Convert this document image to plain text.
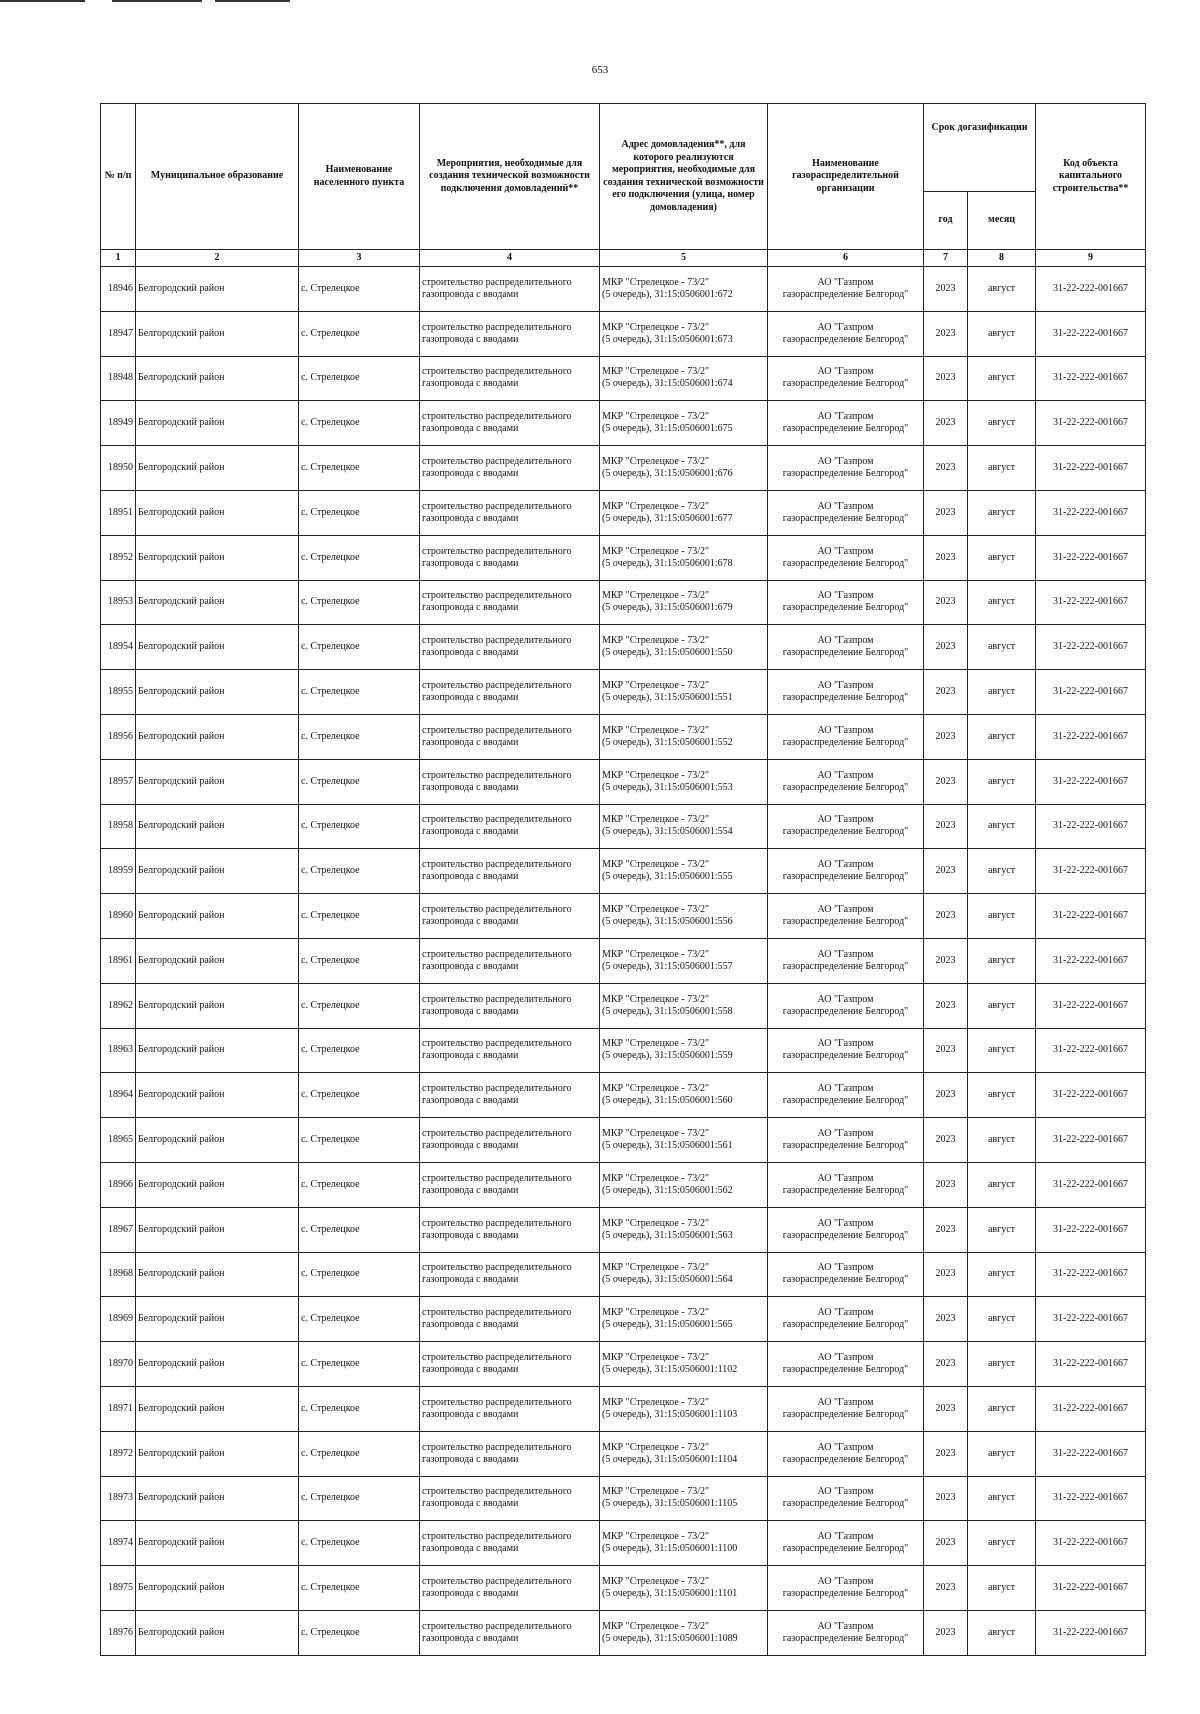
653
№ п/п	Муниципальное образование	Наименование населенного пункта	Мероприятия, необходимые для создания технической возможности подключения домовладений**	Адрес домовладения**, для которого реализуются мероприятия, необходимые для создания технической возможности его подключения (улица, номер домовладения)	Наименование газораспределительной организации	Срок догазификации		Код объекта капитального строительства**
						год	месяц	
1	2	3	4	5	6	7	8	9
18946	Белгородский район	с. Стрелецкое	строительство распределительного
газопровода с вводами	МКР "Стрелецкое - 73/2"
(5 очередь), 31:15:0506001:672	АО "Газпром
газораспределение Белгород"	2023	август	31-22-222-001667
18947	Белгородский район	с. Стрелецкое	строительство распределительного
газопровода с вводами	МКР "Стрелецкое - 73/2"
(5 очередь), 31:15:0506001:673	АО "Газпром
газораспределение Белгород"	2023	август	31-22-222-001667
18948	Белгородский район	с. Стрелецкое	строительство распределительного
газопровода с вводами	МКР "Стрелецкое - 73/2"
(5 очередь), 31:15:0506001:674	АО "Газпром
газораспределение Белгород"	2023	август	31-22-222-001667
18949	Белгородский район	с. Стрелецкое	строительство распределительного
газопровода с вводами	МКР "Стрелецкое - 73/2"
(5 очередь), 31:15:0506001:675	АО "Газпром
газораспределение Белгород"	2023	август	31-22-222-001667
18950	Белгородский район	с. Стрелецкое	строительство распределительного
газопровода с вводами	МКР "Стрелецкое - 73/2"
(5 очередь), 31:15:0506001:676	АО "Газпром
газораспределение Белгород"	2023	август	31-22-222-001667
18951	Белгородский район	с. Стрелецкое	строительство распределительного
газопровода с вводами	МКР "Стрелецкое - 73/2"
(5 очередь), 31:15:0506001:677	АО "Газпром
газораспределение Белгород"	2023	август	31-22-222-001667
18952	Белгородский район	с. Стрелецкое	строительство распределительного
газопровода с вводами	МКР "Стрелецкое - 73/2"
(5 очередь), 31:15:0506001:678	АО "Газпром
газораспределение Белгород"	2023	август	31-22-222-001667
18953	Белгородский район	с. Стрелецкое	строительство распределительного
газопровода с вводами	МКР "Стрелецкое - 73/2"
(5 очередь), 31:15:0506001:679	АО "Газпром
газораспределение Белгород"	2023	август	31-22-222-001667
18954	Белгородский район	с. Стрелецкое	строительство распределительного
газопровода с вводами	МКР "Стрелецкое - 73/2"
(5 очередь), 31:15:0506001:550	АО "Газпром
газораспределение Белгород"	2023	август	31-22-222-001667
18955	Белгородский район	с. Стрелецкое	строительство распределительного
газопровода с вводами	МКР "Стрелецкое - 73/2"
(5 очередь), 31:15:0506001:551	АО "Газпром
газораспределение Белгород"	2023	август	31-22-222-001667
18956	Белгородский район	с. Стрелецкое	строительство распределительного
газопровода с вводами	МКР "Стрелецкое - 73/2"
(5 очередь), 31:15:0506001:552	АО "Газпром
газораспределение Белгород"	2023	август	31-22-222-001667
18957	Белгородский район	с. Стрелецкое	строительство распределительного
газопровода с вводами	МКР "Стрелецкое - 73/2"
(5 очередь), 31:15:0506001:553	АО "Газпром
газораспределение Белгород"	2023	август	31-22-222-001667
18958	Белгородский район	с. Стрелецкое	строительство распределительного
газопровода с вводами	МКР "Стрелецкое - 73/2"
(5 очередь), 31:15:0506001:554	АО "Газпром
газораспределение Белгород"	2023	август	31-22-222-001667
18959	Белгородский район	с. Стрелецкое	строительство распределительного
газопровода с вводами	МКР "Стрелецкое - 73/2"
(5 очередь), 31:15:0506001:555	АО "Газпром
газораспределение Белгород"	2023	август	31-22-222-001667
18960	Белгородский район	с. Стрелецкое	строительство распределительного
газопровода с вводами	МКР "Стрелецкое - 73/2"
(5 очередь), 31:15:0506001:556	АО "Газпром
газораспределение Белгород"	2023	август	31-22-222-001667
18961	Белгородский район	с. Стрелецкое	строительство распределительного
газопровода с вводами	МКР "Стрелецкое - 73/2"
(5 очередь), 31:15:0506001:557	АО "Газпром
газораспределение Белгород"	2023	август	31-22-222-001667
18962	Белгородский район	с. Стрелецкое	строительство распределительного
газопровода с вводами	МКР "Стрелецкое - 73/2"
(5 очередь), 31:15:0506001:558	АО "Газпром
газораспределение Белгород"	2023	август	31-22-222-001667
18963	Белгородский район	с. Стрелецкое	строительство распределительного
газопровода с вводами	МКР "Стрелецкое - 73/2"
(5 очередь), 31:15:0506001:559	АО "Газпром
газораспределение Белгород"	2023	август	31-22-222-001667
18964	Белгородский район	с. Стрелецкое	строительство распределительного
газопровода с вводами	МКР "Стрелецкое - 73/2"
(5 очередь), 31:15:0506001:560	АО "Газпром
газораспределение Белгород"	2023	август	31-22-222-001667
18965	Белгородский район	с. Стрелецкое	строительство распределительного
газопровода с вводами	МКР "Стрелецкое - 73/2"
(5 очередь), 31:15:0506001:561	АО "Газпром
газораспределение Белгород"	2023	август	31-22-222-001667
18966	Белгородский район	с. Стрелецкое	строительство распределительного
газопровода с вводами	МКР "Стрелецкое - 73/2"
(5 очередь), 31:15:0506001:562	АО "Газпром
газораспределение Белгород"	2023	август	31-22-222-001667
18967	Белгородский район	с. Стрелецкое	строительство распределительного
газопровода с вводами	МКР "Стрелецкое - 73/2"
(5 очередь), 31:15:0506001:563	АО "Газпром
газораспределение Белгород"	2023	август	31-22-222-001667
18968	Белгородский район	с. Стрелецкое	строительство распределительного
газопровода с вводами	МКР "Стрелецкое - 73/2"
(5 очередь), 31:15:0506001:564	АО "Газпром
газораспределение Белгород"	2023	август	31-22-222-001667
18969	Белгородский район	с. Стрелецкое	строительство распределительного
газопровода с вводами	МКР "Стрелецкое - 73/2"
(5 очередь), 31:15:0506001:565	АО "Газпром
газораспределение Белгород"	2023	август	31-22-222-001667
18970	Белгородский район	с. Стрелецкое	строительство распределительного
газопровода с вводами	МКР "Стрелецкое - 73/2"
(5 очередь), 31:15:0506001:1102	АО "Газпром
газораспределение Белгород"	2023	август	31-22-222-001667
18971	Белгородский район	с. Стрелецкое	строительство распределительного
газопровода с вводами	МКР "Стрелецкое - 73/2"
(5 очередь), 31:15:0506001:1103	АО "Газпром
газораспределение Белгород"	2023	август	31-22-222-001667
18972	Белгородский район	с. Стрелецкое	строительство распределительного
газопровода с вводами	МКР "Стрелецкое - 73/2"
(5 очередь), 31:15:0506001:1104	АО "Газпром
газораспределение Белгород"	2023	август	31-22-222-001667
18973	Белгородский район	с. Стрелецкое	строительство распределительного
газопровода с вводами	МКР "Стрелецкое - 73/2"
(5 очередь), 31:15:0506001:1105	АО "Газпром
газораспределение Белгород"	2023	август	31-22-222-001667
18974	Белгородский район	с. Стрелецкое	строительство распределительного
газопровода с вводами	МКР "Стрелецкое - 73/2"
(5 очередь), 31:15:0506001:1100	АО "Газпром
газораспределение Белгород"	2023	август	31-22-222-001667
18975	Белгородский район	с. Стрелецкое	строительство распределительного
газопровода с вводами	МКР "Стрелецкое - 73/2"
(5 очередь), 31:15:0506001:1101	АО "Газпром
газораспределение Белгород"	2023	август	31-22-222-001667
18976	Белгородский район	с. Стрелецкое	строительство распределительного
газопровода с вводами	МКР "Стрелецкое - 73/2"
(5 очередь), 31:15:0506001:1089	АО "Газпром
газораспределение Белгород"	2023	август	31-22-222-001667
